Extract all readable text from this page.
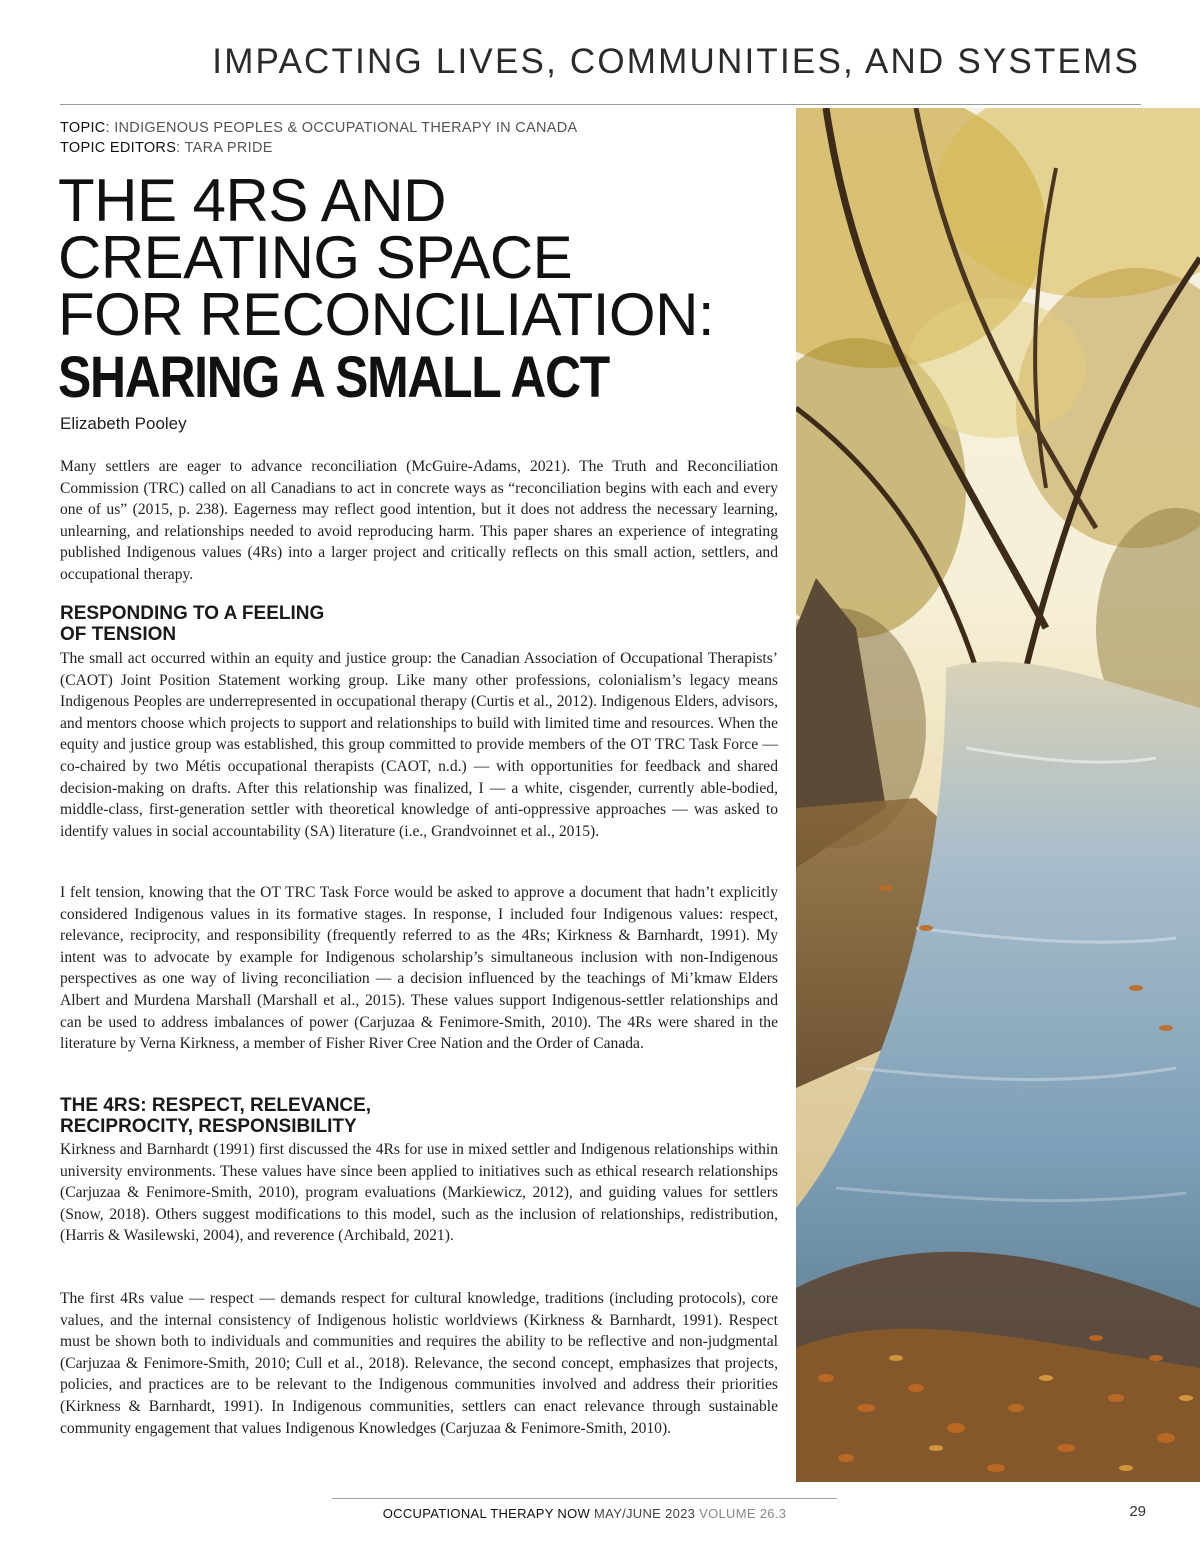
IMPACTING LIVES, COMMUNITIES, AND SYSTEMS
TOPIC: INDIGENOUS PEOPLES & OCCUPATIONAL THERAPY IN CANADA
TOPIC EDITORS: TARA PRIDE
THE 4RS AND
CREATING SPACE
FOR RECONCILIATION:
SHARING A SMALL ACT
Elizabeth Pooley

Many settlers are eager to advance reconciliation (McGuire-Adams, 2021). The Truth and Reconciliation Commission (TRC) called on all Canadians to act in concrete ways as “reconciliation begins with each and every one of us” (2015, p. 238). Eagerness may reflect good intention, but it does not address the necessary learning, unlearning, and relationships needed to avoid reproducing harm. This paper shares an experience of integrating published Indigenous values (4Rs) into a larger project and critically reflects on this small action, settlers, and occupational therapy.

RESPONDING TO A FEELING
OF TENSION

The small act occurred within an equity and justice group: the Canadian Association of Occupational Therapists’ (CAOT) Joint Position Statement working group. Like many other professions, colonialism’s legacy means Indigenous Peoples are underrepresented in occupational therapy (Curtis et al., 2012). Indigenous Elders, advisors, and mentors choose which projects to support and relationships to build with limited time and resources. When the equity and justice group was established, this group committed to provide members of the OT TRC Task Force — co-chaired by two Métis occupational therapists (CAOT, n.d.) — with opportunities for feedback and shared decision-making on drafts. After this relationship was finalized, I — a white, cisgender, currently able-bodied, middle-class, first-generation settler with theoretical knowledge of anti-oppressive approaches — was asked to identify values in social accountability (SA) literature (i.e., Grandvoinnet et al., 2015).

I felt tension, knowing that the OT TRC Task Force would be asked to approve a document that hadn’t explicitly considered Indigenous values in its formative stages. In response, I included four Indigenous values: respect, relevance, reciprocity, and responsibility (frequently referred to as the 4Rs; Kirkness & Barnhardt, 1991). My intent was to advocate by example for Indigenous scholarship’s simultaneous inclusion with non-Indigenous perspectives as one way of living reconciliation — a decision influenced by the teachings of Mi’kmaw Elders Albert and Murdena Marshall (Marshall et al., 2015). These values support Indigenous-settler relationships and can be used to address imbalances of power (Carjuzaa & Fenimore-Smith, 2010). The 4Rs were shared in the literature by Verna Kirkness, a member of Fisher River Cree Nation and the Order of Canada.

THE 4RS: RESPECT, RELEVANCE,
RECIPROCITY, RESPONSIBILITY

Kirkness and Barnhardt (1991) first discussed the 4Rs for use in mixed settler and Indigenous relationships within university environments. These values have since been applied to initiatives such as ethical research relationships (Carjuzaa & Fenimore-Smith, 2010), program evaluations (Markiewicz, 2012), and guiding values for settlers (Snow, 2018). Others suggest modifications to this model, such as the inclusion of relationships, redistribution, (Harris & Wasilewski, 2004), and reverence (Archibald, 2021).

The first 4Rs value — respect — demands respect for cultural knowledge, traditions (including protocols), core values, and the internal consistency of Indigenous holistic worldviews (Kirkness & Barnhardt, 1991). Respect must be shown both to individuals and communities and requires the ability to be reflective and non-judgmental (Carjuzaa & Fenimore-Smith, 2010; Cull et al., 2018). Relevance, the second concept, emphasizes that projects, policies, and practices are to be relevant to the Indigenous communities involved and address their priorities (Kirkness & Barnhardt, 1991). In Indigenous communities, settlers can enact relevance through sustainable community engagement that values Indigenous Knowledges (Carjuzaa & Fenimore-Smith, 2010).

OCCUPATIONAL THERAPY NOW MAY/JUNE 2023 VOLUME 26.3	29
